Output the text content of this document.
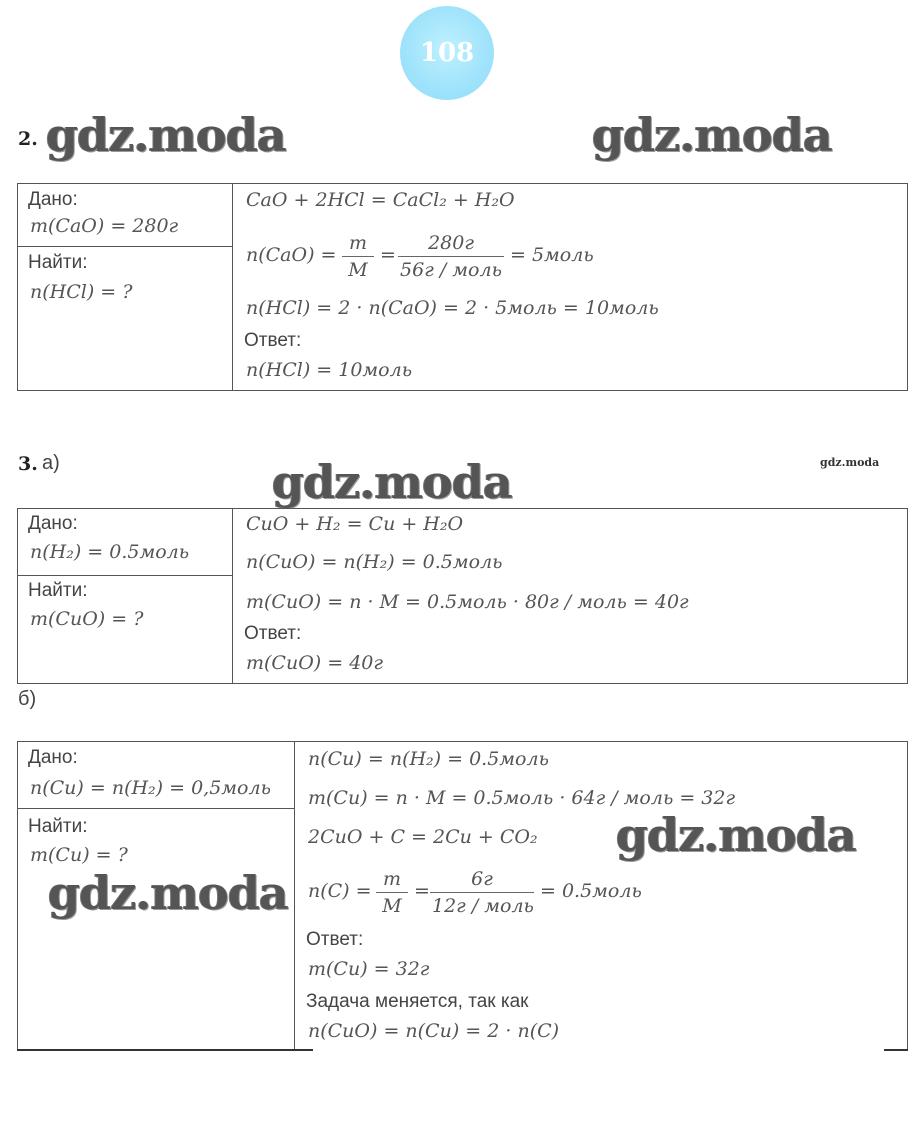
108
2. gdz.moda	gdz.moda
Дано:
m(CaO) = 280г
Найти:
n(HCl) = ?
CaO + 2HCl = CaCl₂ + H₂O
$n(CaO) = \frac{m}{M}$ =
280г
56г / моль
= 5моль
n(HCl) = 2 · n(CaO) = 2 · 5моль = 10моль
Ответ:
n(HCl) = 10моль
3. а)	gdz.moda	gdz.moda
Дано:
n(H₂) = 0.5моль
Найти:
m(CuO) = ?
CuO + H₂ = Cu + H₂O
n(CuO) = n(H₂) = 0.5моль
m(CuO) = n · M = 0.5моль · 80г / моль = 40г
Ответ:
m(CuO) = 40г
б)
Дано:
n(Cu) = n(H₂) = 0,5моль
Найти:
m(Cu) = ?
n(Cu) = n(H₂) = 0.5моль
m(Cu) = n · M = 0.5моль · 64г / моль = 32г
2CuO + C = 2Cu + CO₂
$n(C) = \frac{m}{M}$ =
6г
12г / моль
= 0.5моль
Ответ:
m(Cu) = 32г
Задача меняется, так как
n(CuO) = n(Cu) = 2 · n(C)
gdz.moda
gdz.moda
